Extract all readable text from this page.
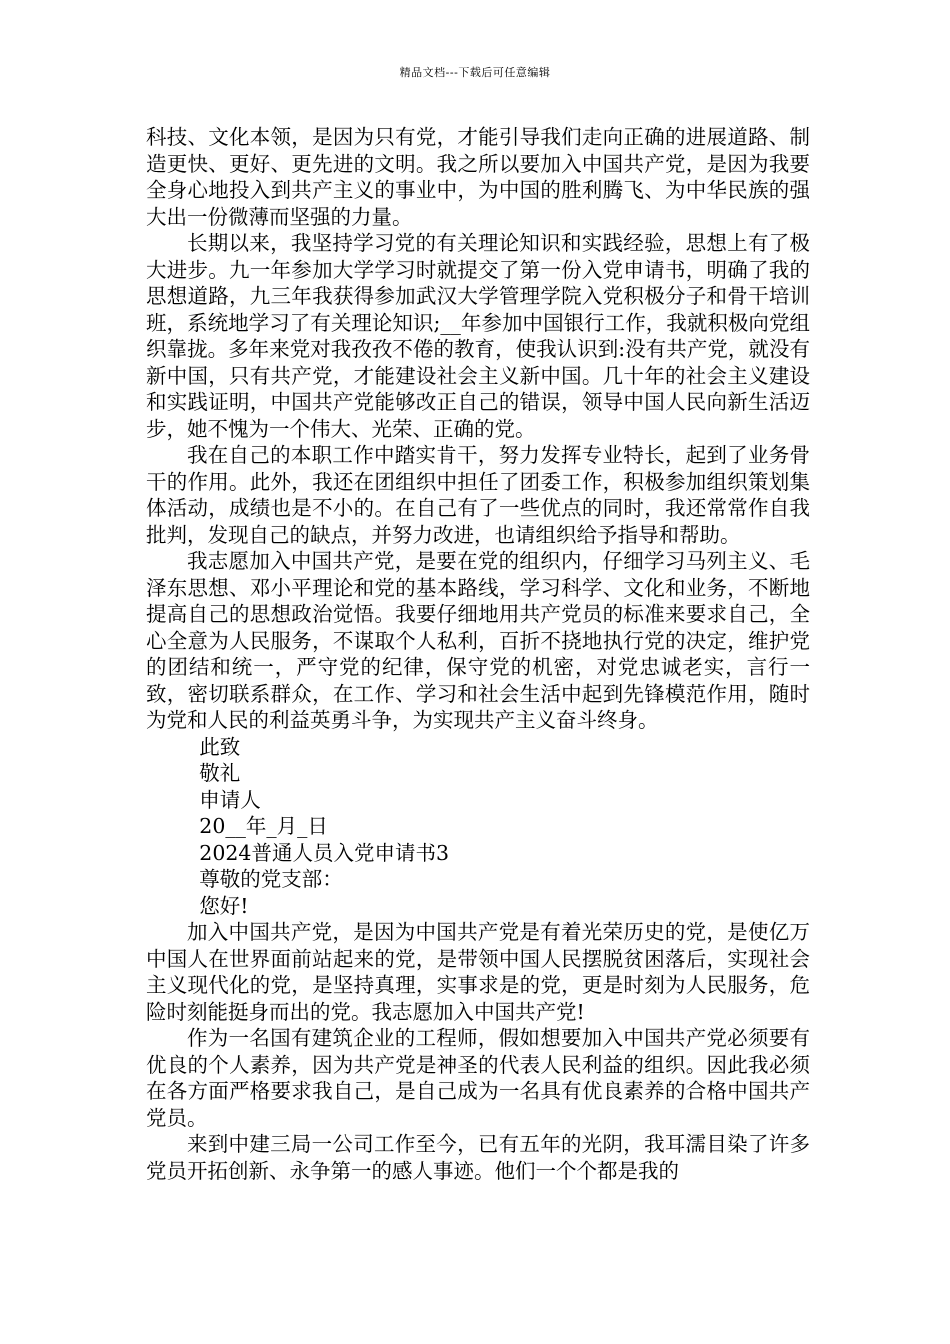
精品文档---下载后可任意编辑

科技、文化本领，是因为只有党，才能引导我们走向正确的进展道路、制造更快、更好、更先进的文明。我之所以要加入中国共产党，是因为我要全身心地投入到共产主义的事业中，为中国的胜利腾飞、为中华民族的强大出一份微薄而坚强的力量。

长期以来，我坚持学习党的有关理论知识和实践经验，思想上有了极大进步。九一年参加大学学习时就提交了第一份入党申请书，明确了我的思想道路，九三年我获得参加武汉大学管理学院入党积极分子和骨干培训班，系统地学习了有关理论知识;__年参加中国银行工作，我就积极向党组织靠拢。多年来党对我孜孜不倦的教育，使我认识到:没有共产党，就没有新中国，只有共产党，才能建设社会主义新中国。几十年的社会主义建设和实践证明，中国共产党能够改正自己的错误，领导中国人民向新生活迈步，她不愧为一个伟大、光荣、正确的党。

我在自己的本职工作中踏实肯干，努力发挥专业特长，起到了业务骨干的作用。此外，我还在团组织中担任了团委工作，积极参加组织策划集体活动，成绩也是不小的。在自己有了一些优点的同时，我还常常作自我批判，发现自己的缺点，并努力改进，也请组织给予指导和帮助。

我志愿加入中国共产党，是要在党的组织内，仔细学习马列主义、毛泽东思想、邓小平理论和党的基本路线，学习科学、文化和业务，不断地提高自己的思想政治觉悟。我要仔细地用共产党员的标准来要求自己，全心全意为人民服务，不谋取个人私利，百折不挠地执行党的决定，维护党的团结和统一，严守党的纪律，保守党的机密，对党忠诚老实，言行一致，密切联系群众，在工作、学习和社会生活中起到先锋模范作用，随时为党和人民的利益英勇斗争，为实现共产主义奋斗终身。

此致

敬礼

申请人

20__年_月_日

2024普通人员入党申请书3

尊敬的党支部：

您好!

加入中国共产党，是因为中国共产党是有着光荣历史的党，是使亿万中国人在世界面前站起来的党，是带领中国人民摆脱贫困落后，实现社会主义现代化的党，是坚持真理，实事求是的党，更是时刻为人民服务，危险时刻能挺身而出的党。我志愿加入中国共产党!

作为一名国有建筑企业的工程师，假如想要加入中国共产党必须要有优良的个人素养，因为共产党是神圣的代表人民利益的组织。因此我必须在各方面严格要求我自己，是自己成为一名具有优良素养的合格中国共产党员。

来到中建三局一公司工作至今，已有五年的光阴，我耳濡目染了许多党员开拓创新、永争第一的感人事迹。他们一个个都是我的
